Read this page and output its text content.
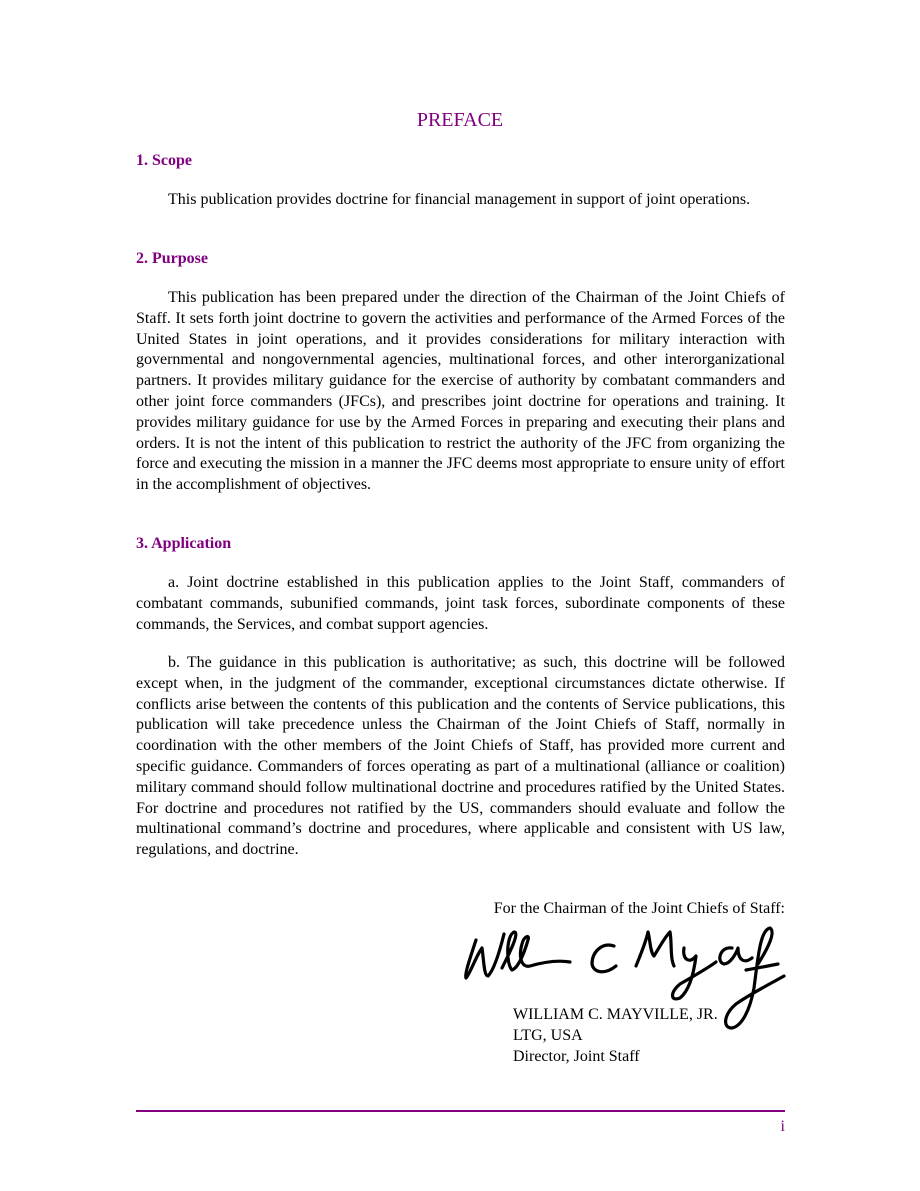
PREFACE
1. Scope

This publication provides doctrine for financial management in support of joint operations.

2. Purpose

This publication has been prepared under the direction of the Chairman of the Joint Chiefs of Staff. It sets forth joint doctrine to govern the activities and performance of the Armed Forces of the United States in joint operations, and it provides considerations for military interaction with governmental and nongovernmental agencies, multinational forces, and other interorganizational partners. It provides military guidance for the exercise of authority by combatant commanders and other joint force commanders (JFCs), and prescribes joint doctrine for operations and training. It provides military guidance for use by the Armed Forces in preparing and executing their plans and orders. It is not the intent of this publication to restrict the authority of the JFC from organizing the force and executing the mission in a manner the JFC deems most appropriate to ensure unity of effort in the accomplishment of objectives.

3. Application

a. Joint doctrine established in this publication applies to the Joint Staff, commanders of combatant commands, subunified commands, joint task forces, subordinate components of these commands, the Services, and combat support agencies.

b. The guidance in this publication is authoritative; as such, this doctrine will be followed except when, in the judgment of the commander, exceptional circumstances dictate otherwise. If conflicts arise between the contents of this publication and the contents of Service publications, this publication will take precedence unless the Chairman of the Joint Chiefs of Staff, normally in coordination with the other members of the Joint Chiefs of Staff, has provided more current and specific guidance. Commanders of forces operating as part of a multinational (alliance or coalition) military command should follow multinational doctrine and procedures ratified by the United States. For doctrine and procedures not ratified by the US, commanders should evaluate and follow the multinational command’s doctrine and procedures, where applicable and consistent with US law, regulations, and doctrine.

For the Chairman of the Joint Chiefs of Staff:

WILLIAM C. MAYVILLE, JR.
LTG, USA
Director, Joint Staff
i
